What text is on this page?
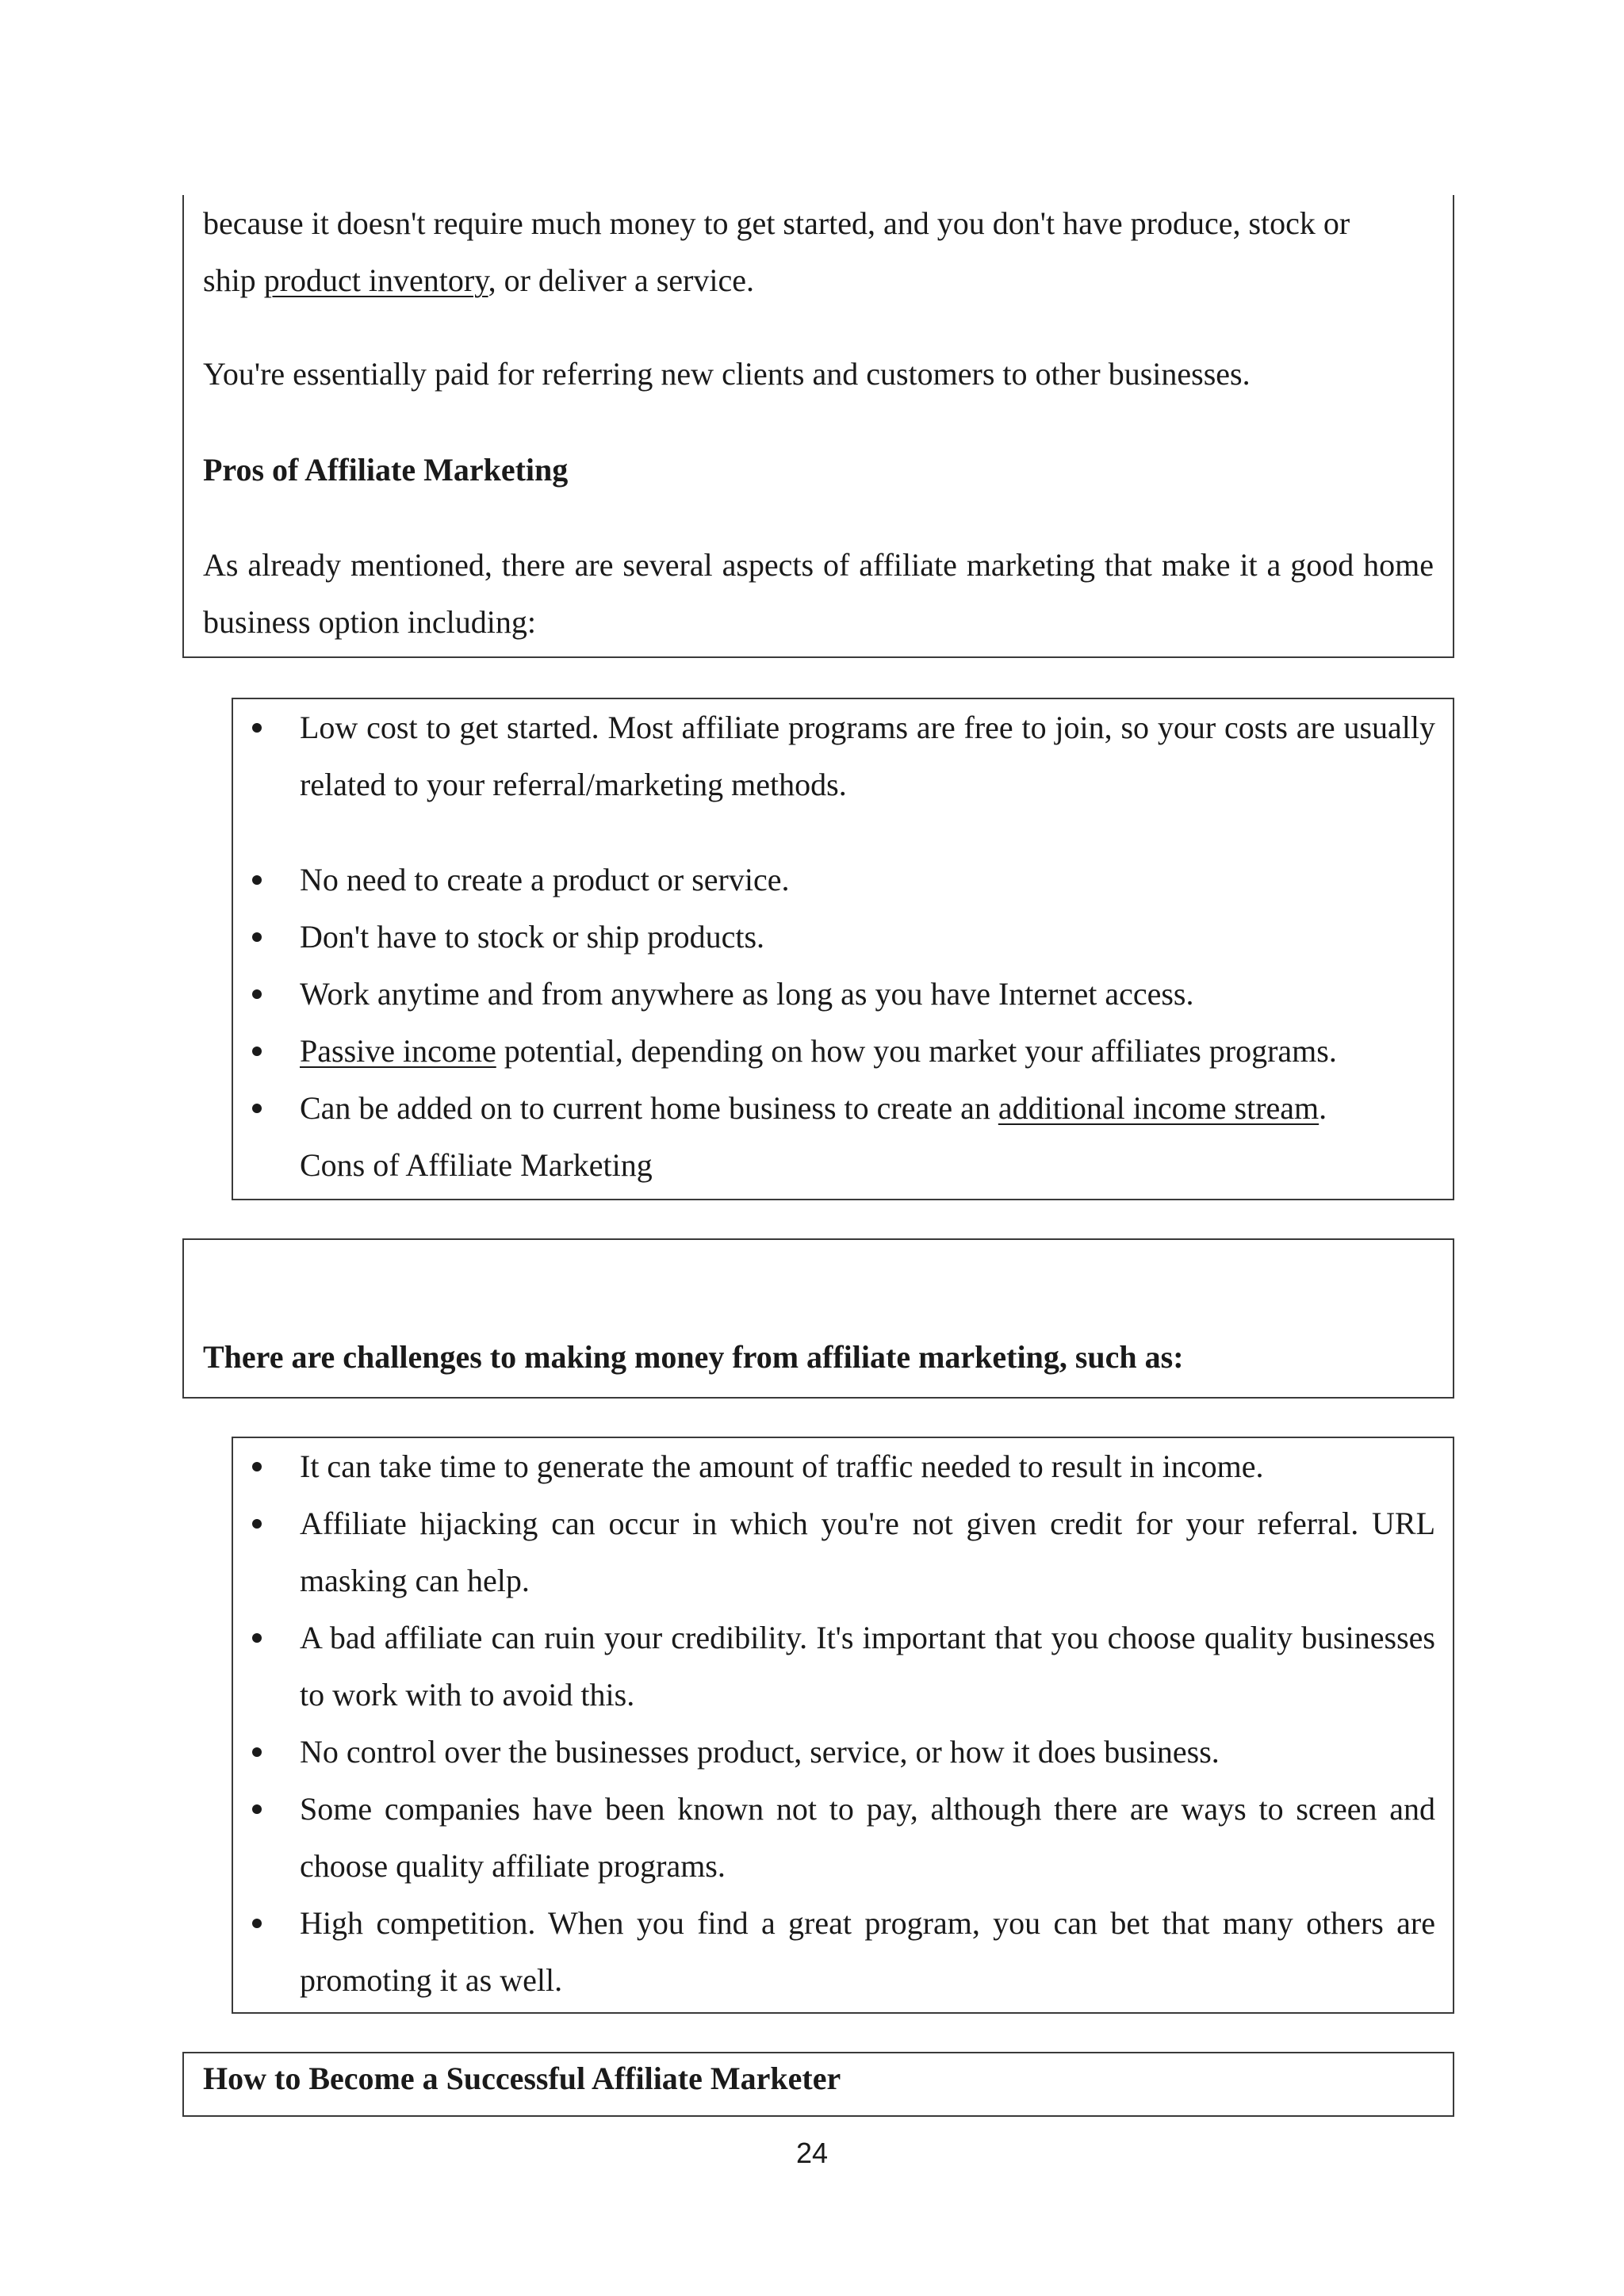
because it doesn't require much money to get started, and you don't have produce, stock or
ship product inventory, or deliver a service.

You're essentially paid for referring new clients and customers to other businesses.

Pros of Affiliate Marketing

As already mentioned, there are several aspects of affiliate marketing that make it a good home business option including:

Low cost to get started. Most affiliate programs are free to join, so your costs are usually related to your referral/marketing methods.
No need to create a product or service.
Don't have to stock or ship products.
Work anytime and from anywhere as long as you have Internet access.
Passive income potential, depending on how you market your affiliates programs.
Can be added on to current home business to create an additional income stream.
Cons of Affiliate Marketing

There are challenges to making money from affiliate marketing, such as:

It can take time to generate the amount of traffic needed to result in income.
Affiliate hijacking can occur in which you're not given credit for your referral. URL masking can help.
A bad affiliate can ruin your credibility. It's important that you choose quality businesses to work with to avoid this.
No control over the businesses product, service, or how it does business.
Some companies have been known not to pay, although there are ways to screen and choose quality affiliate programs.
High competition. When you find a great program, you can bet that many others are promoting it as well.

How to Become a Successful Affiliate Marketer

24
